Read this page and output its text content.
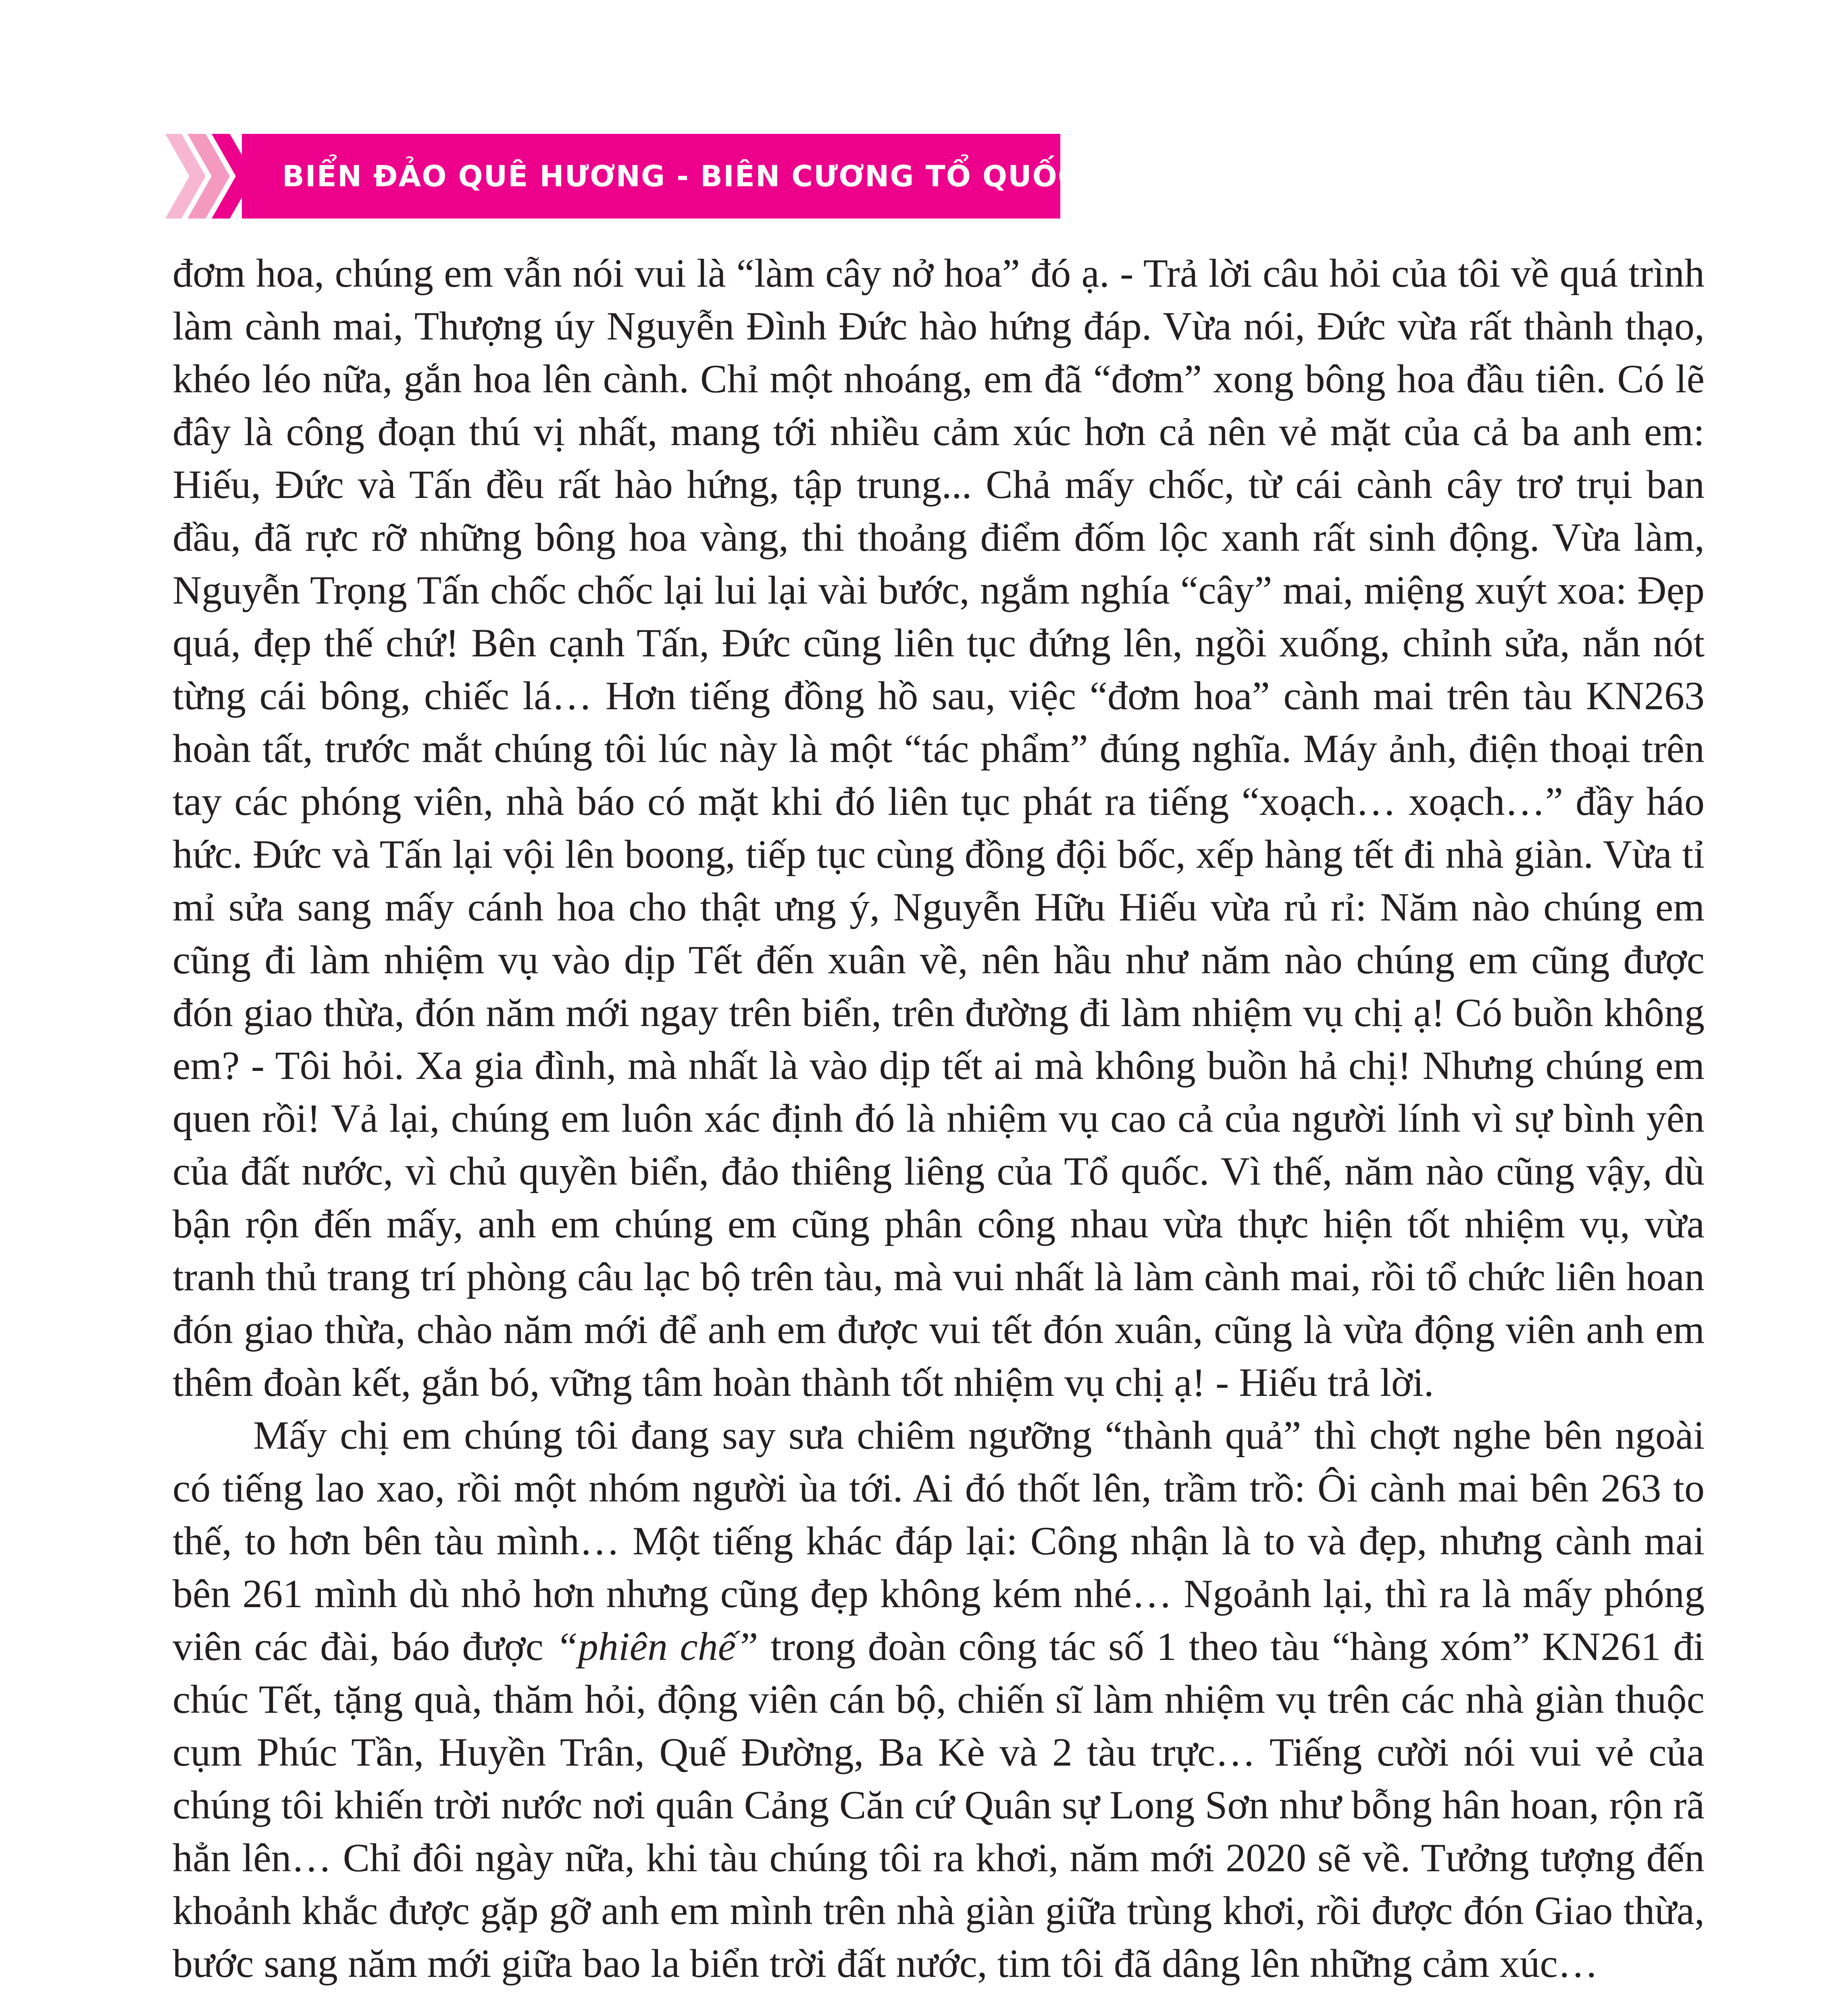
BIỂN ĐẢO QUÊ HƯƠNG - BIÊN CƯƠNG TỔ QUỐC

đơm hoa, chúng em vẫn nói vui là “làm cây nở hoa” đó ạ. - Trả lời câu hỏi của tôi về quá trình làm cành mai, Thượng úy Nguyễn Đình Đức hào hứng đáp. Vừa nói, Đức vừa rất thành thạo, khéo léo nữa, gắn hoa lên cành. Chỉ một nhoáng, em đã “đơm” xong bông hoa đầu tiên. Có lẽ đây là công đoạn thú vị nhất, mang tới nhiều cảm xúc hơn cả nên vẻ mặt của cả ba anh em: Hiếu, Đức và Tấn đều rất hào hứng, tập trung... Chả mấy chốc, từ cái cành cây trơ trụi ban đầu, đã rực rỡ những bông hoa vàng, thi thoảng điểm đốm lộc xanh rất sinh động. Vừa làm, Nguyễn Trọng Tấn chốc chốc lại lui lại vài bước, ngắm nghía “cây” mai, miệng xuýt xoa: Đẹp quá, đẹp thế chứ! Bên cạnh Tấn, Đức cũng liên tục đứng lên, ngồi xuống, chỉnh sửa, nắn nót từng cái bông, chiếc lá… Hơn tiếng đồng hồ sau, việc “đơm hoa” cành mai trên tàu KN263 hoàn tất, trước mắt chúng tôi lúc này là một “tác phẩm” đúng nghĩa. Máy ảnh, điện thoại trên tay các phóng viên, nhà báo có mặt khi đó liên tục phát ra tiếng “xoạch… xoạch…” đầy háo hức. Đức và Tấn lại vội lên boong, tiếp tục cùng đồng đội bốc, xếp hàng tết đi nhà giàn. Vừa tỉ mỉ sửa sang mấy cánh hoa cho thật ưng ý, Nguyễn Hữu Hiếu vừa rủ rỉ: Năm nào chúng em cũng đi làm nhiệm vụ vào dịp Tết đến xuân về, nên hầu như năm nào chúng em cũng được đón giao thừa, đón năm mới ngay trên biển, trên đường đi làm nhiệm vụ chị ạ! Có buồn không em? - Tôi hỏi. Xa gia đình, mà nhất là vào dịp tết ai mà không buồn hả chị! Nhưng chúng em quen rồi! Vả lại, chúng em luôn xác định đó là nhiệm vụ cao cả của người lính vì sự bình yên của đất nước, vì chủ quyền biển, đảo thiêng liêng của Tổ quốc. Vì thế, năm nào cũng vậy, dù bận rộn đến mấy, anh em chúng em cũng phân công nhau vừa thực hiện tốt nhiệm vụ, vừa tranh thủ trang trí phòng câu lạc bộ trên tàu, mà vui nhất là làm cành mai, rồi tổ chức liên hoan đón giao thừa, chào năm mới để anh em được vui tết đón xuân, cũng là vừa động viên anh em thêm đoàn kết, gắn bó, vững tâm hoàn thành tốt nhiệm vụ chị ạ! - Hiếu trả lời.

Mấy chị em chúng tôi đang say sưa chiêm ngưỡng “thành quả” thì chợt nghe bên ngoài có tiếng lao xao, rồi một nhóm người ùa tới. Ai đó thốt lên, trầm trồ: Ôi cành mai bên 263 to thế, to hơn bên tàu mình… Một tiếng khác đáp lại: Công nhận là to và đẹp, nhưng cành mai bên 261 mình dù nhỏ hơn nhưng cũng đẹp không kém nhé… Ngoảnh lại, thì ra là mấy phóng viên các đài, báo được “phiên chế” trong đoàn công tác số 1 theo tàu “hàng xóm” KN261 đi chúc Tết, tặng quà, thăm hỏi, động viên cán bộ, chiến sĩ làm nhiệm vụ trên các nhà giàn thuộc cụm Phúc Tần, Huyền Trân, Quế Đường, Ba Kè và 2 tàu trực… Tiếng cười nói vui vẻ của chúng tôi khiến trời nước nơi quân Cảng Căn cứ Quân sự Long Sơn như bỗng hân hoan, rộn rã hẳn lên… Chỉ đôi ngày nữa, khi tàu chúng tôi ra khơi, năm mới 2020 sẽ về. Tưởng tượng đến khoảnh khắc được gặp gỡ anh em mình trên nhà giàn giữa trùng khơi, rồi được đón Giao thừa, bước sang năm mới giữa bao la biển trời đất nước, tim tôi đã dâng lên những cảm xúc…
